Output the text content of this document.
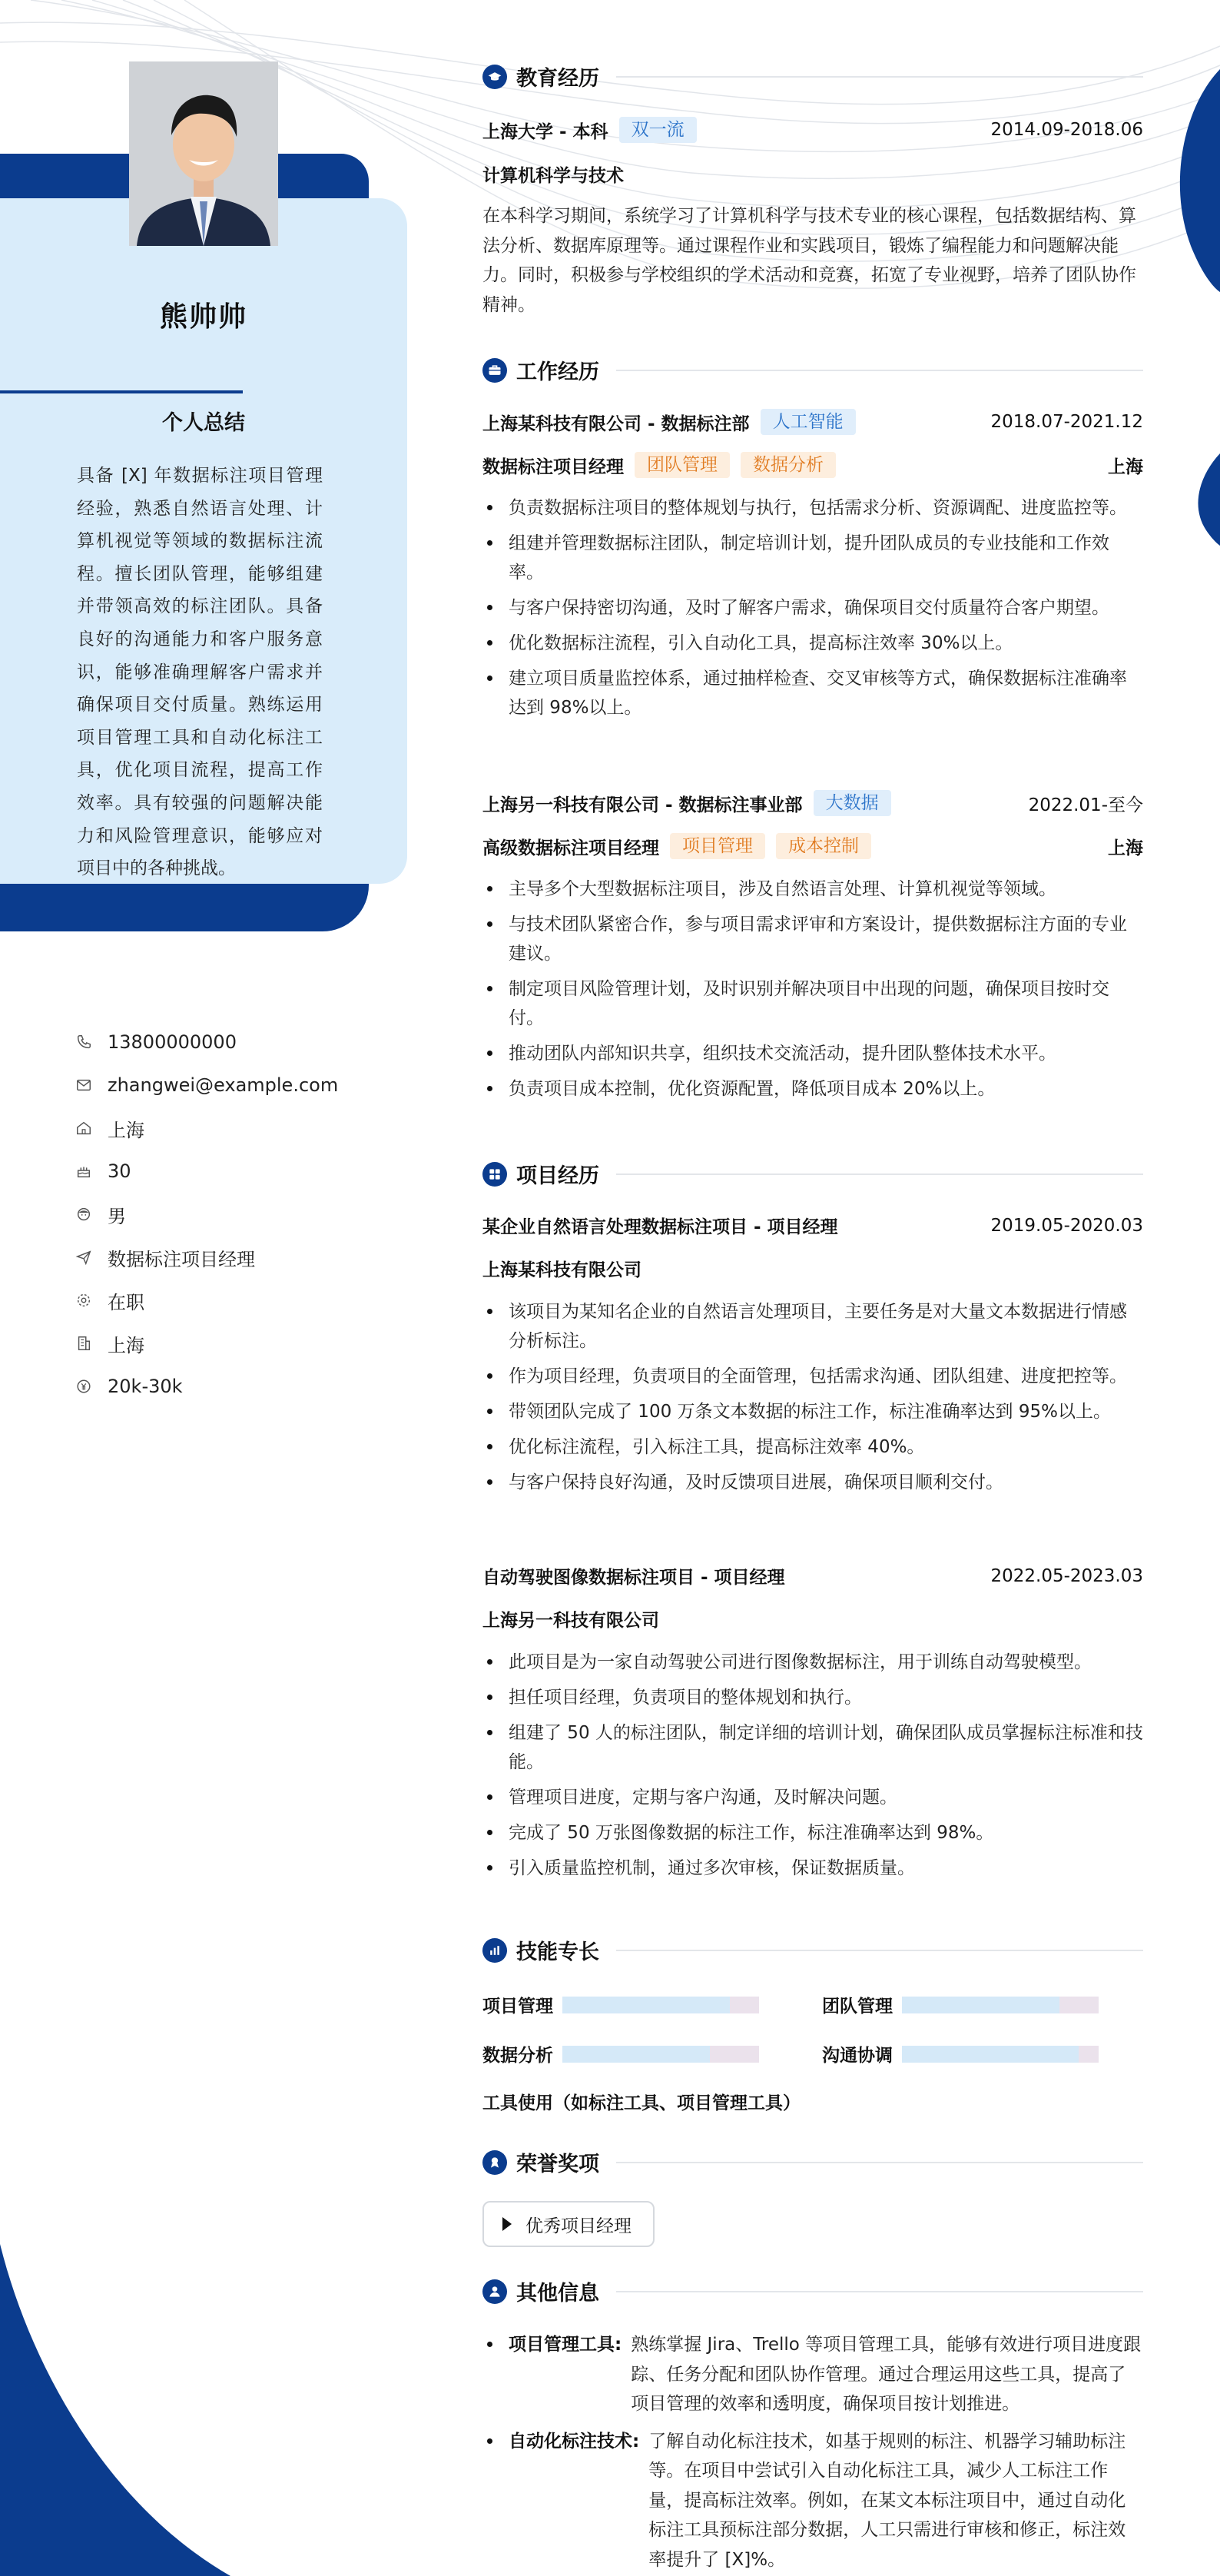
熊帅帅
个人总结
具备 [X] 年数据标注项目管理经验，熟悉自然语言处理、计算机视觉等领域的数据标注流程。擅长团队管理，能够组建并带领高效的标注团队。具备良好的沟通能力和客户服务意识，能够准确理解客户需求并确保项目交付质量。熟练运用项目管理工具和自动化标注工具，优化项目流程，提高工作效率。具有较强的问题解决能力和风险管理意识，能够应对项目中的各种挑战。
13800000000
zhangwei@example.com
上海
30
男
数据标注项目经理
在职
上海
20k-30k
教育经历
上海大学 - 本科	双一流	2014.09-2018.06
计算机科学与技术
在本科学习期间，系统学习了计算机科学与技术专业的核心课程，包括数据结构、算法分析、数据库原理等。通过课程作业和实践项目，锻炼了编程能力和问题解决能力。同时，积极参与学校组织的学术活动和竞赛，拓宽了专业视野，培养了团队协作精神。
工作经历
上海某科技有限公司 - 数据标注部	人工智能	2018.07-2021.12
数据标注项目经理	团队管理	数据分析	上海
负责数据标注项目的整体规划与执行，包括需求分析、资源调配、进度监控等。
组建并管理数据标注团队，制定培训计划，提升团队成员的专业技能和工作效率。
与客户保持密切沟通，及时了解客户需求，确保项目交付质量符合客户期望。
优化数据标注流程，引入自动化工具，提高标注效率 30%以上。
建立项目质量监控体系，通过抽样检查、交叉审核等方式，确保数据标注准确率达到 98%以上。
上海另一科技有限公司 - 数据标注事业部	大数据	2022.01-至今
高级数据标注项目经理	项目管理	成本控制	上海
主导多个大型数据标注项目，涉及自然语言处理、计算机视觉等领域。
与技术团队紧密合作，参与项目需求评审和方案设计，提供数据标注方面的专业建议。
制定项目风险管理计划，及时识别并解决项目中出现的问题，确保项目按时交付。
推动团队内部知识共享，组织技术交流活动，提升团队整体技术水平。
负责项目成本控制，优化资源配置，降低项目成本 20%以上。
项目经历
某企业自然语言处理数据标注项目 - 项目经理	2019.05-2020.03
上海某科技有限公司
该项目为某知名企业的自然语言处理项目，主要任务是对大量文本数据进行情感分析标注。
作为项目经理，负责项目的全面管理，包括需求沟通、团队组建、进度把控等。
带领团队完成了 100 万条文本数据的标注工作，标注准确率达到 95%以上。
优化标注流程，引入标注工具，提高标注效率 40%。
与客户保持良好沟通，及时反馈项目进展，确保项目顺利交付。
自动驾驶图像数据标注项目 - 项目经理	2022.05-2023.03
上海另一科技有限公司
此项目是为一家自动驾驶公司进行图像数据标注，用于训练自动驾驶模型。
担任项目经理，负责项目的整体规划和执行。
组建了 50 人的标注团队，制定详细的培训计划，确保团队成员掌握标注标准和技能。
管理项目进度，定期与客户沟通，及时解决问题。
完成了 50 万张图像数据的标注工作，标注准确率达到 98%。
引入质量监控机制，通过多次审核，保证数据质量。
技能专长
项目管理	团队管理
数据分析	沟通协调
工具使用（如标注工具、项目管理工具）
荣誉奖项
优秀项目经理
其他信息
项目管理工具: 熟练掌握 Jira、Trello 等项目管理工具，能够有效进行项目进度跟踪、任务分配和团队协作管理。通过合理运用这些工具，提高了项目管理的效率和透明度，确保项目按计划推进。
自动化标注技术: 了解自动化标注技术，如基于规则的标注、机器学习辅助标注等。在项目中尝试引入自动化标注工具，减少人工标注工作量，提高标注效率。例如，在某文本标注项目中，通过自动化标注工具预标注部分数据，人工只需进行审核和修正，标注效率提升了 [X]%。
